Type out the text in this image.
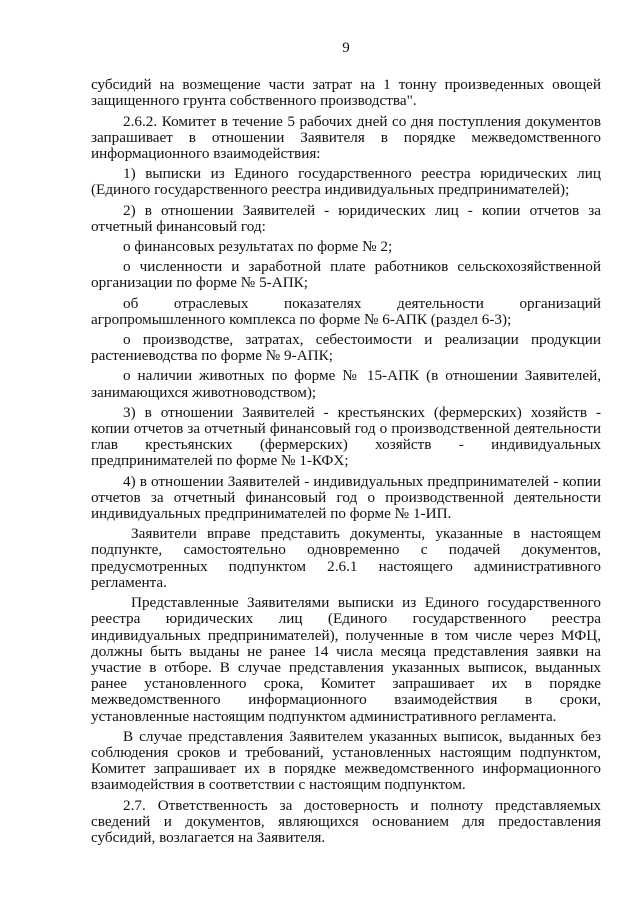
9

субсидий на возмещение части затрат на 1 тонну произведенных овощей защищенного грунта собственного производства".

2.6.2. Комитет в течение 5 рабочих дней со дня поступления документов запрашивает в отношении Заявителя в порядке межведомственного информационного взаимодействия:

1) выписки из Единого государственного реестра юридических лиц (Единого государственного реестра индивидуальных предпринимателей);

2) в отношении Заявителей - юридических лиц - копии отчетов за отчетный финансовый год:

о финансовых результатах по форме № 2;

о численности и заработной плате работников сельскохозяйственной организации по форме № 5-АПК;

об отраслевых показателях деятельности организаций агропромышленного комплекса по форме № 6-АПК (раздел 6-3);

о производстве, затратах, себестоимости и реализации продукции растениеводства по форме № 9-АПК;

о наличии животных по форме № 15-АПК (в отношении Заявителей, занимающихся животноводством);

3) в отношении Заявителей - крестьянских (фермерских) хозяйств - копии отчетов за отчетный финансовый год о производственной деятельности глав крестьянских (фермерских) хозяйств - индивидуальных предпринимателей по форме № 1-КФХ;

4) в отношении Заявителей - индивидуальных предпринимателей - копии отчетов за отчетный финансовый год о производственной деятельности индивидуальных предпринимателей по форме № 1-ИП.

Заявители вправе представить документы, указанные в настоящем подпункте, самостоятельно одновременно с подачей документов, предусмотренных подпунктом 2.6.1 настоящего административного регламента.

Представленные Заявителями выписки из Единого государственного реестра юридических лиц (Единого государственного реестра индивидуальных предпринимателей), полученные в том числе через МФЦ, должны быть выданы не ранее 14 числа месяца представления заявки на участие в отборе. В случае представления указанных выписок, выданных ранее установленного срока, Комитет запрашивает их в порядке межведомственного информационного взаимодействия в сроки, установленные настоящим подпунктом административного регламента.

В случае представления Заявителем указанных выписок, выданных без соблюдения сроков и требований, установленных настоящим подпунктом, Комитет запрашивает их в порядке межведомственного информационного взаимодействия в соответствии с настоящим подпунктом.

2.7. Ответственность за достоверность и полноту представляемых сведений и документов, являющихся основанием для предоставления субсидий, возлагается на Заявителя.
